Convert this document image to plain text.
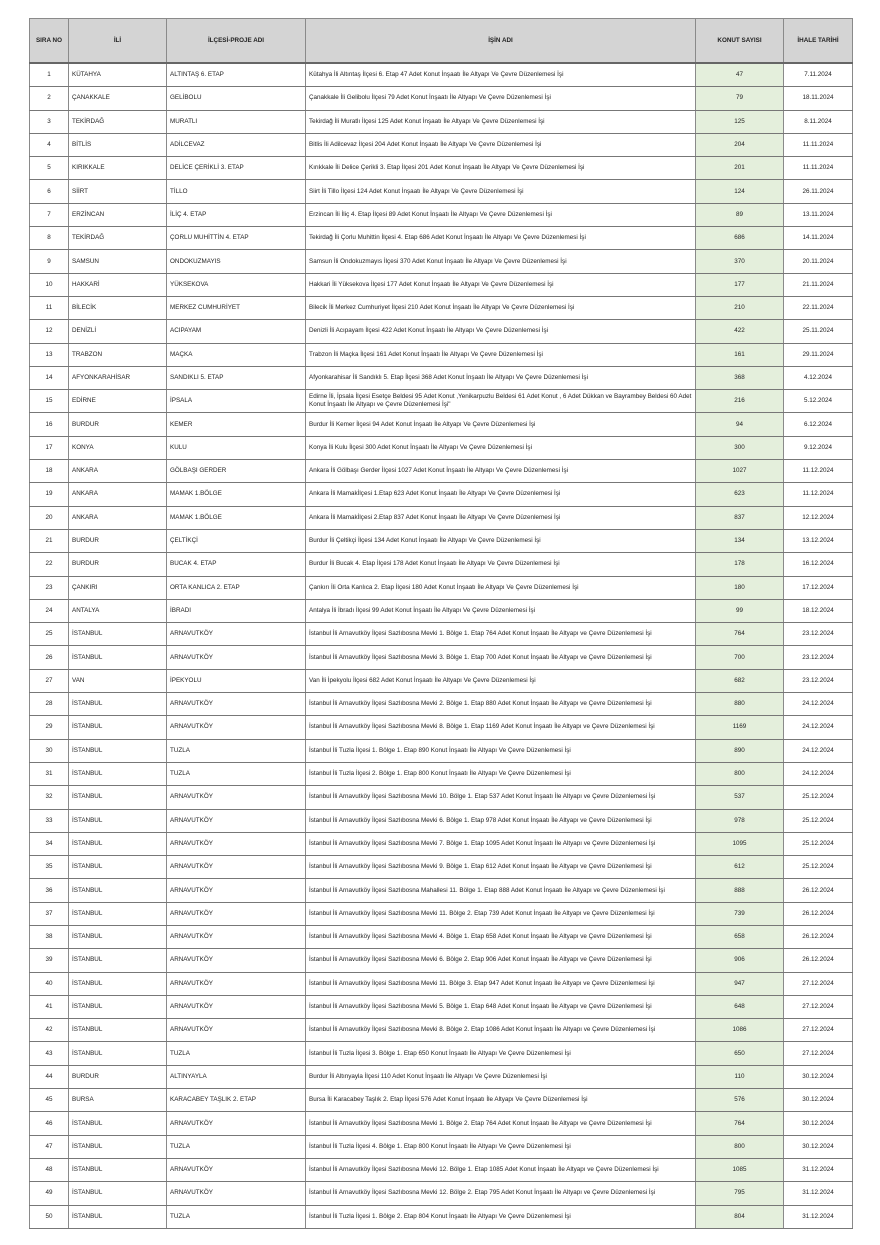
SIRA NO	İLİ	İLÇESİ-PROJE ADI	İŞİN ADI	KONUT SAYISI	İHALE TARİHİ
1	KÜTAHYA	ALTINTAŞ 6. ETAP	Kütahya İli Altıntaş İlçesi 6. Etap 47 Adet Konut İnşaatı İle Altyapı Ve Çevre Düzenlemesi İşi	47	7.11.2024
2	ÇANAKKALE	GELİBOLU	Çanakkale İli Gelibolu İlçesi 79 Adet Konut İnşaatı İle Altyapı Ve Çevre Düzenlemesi İşi	79	18.11.2024
3	TEKİRDAĞ	MURATLI	Tekirdağ İli Muratlı İlçesi 125 Adet Konut İnşaatı İle Altyapı Ve Çevre Düzenlemesi İşi	125	8.11.2024
4	BİTLİS	ADİLCEVAZ	Bitlis İli Adilcevaz İlçesi 204 Adet Konut İnşaatı İle Altyapı Ve Çevre Düzenlemesi İşi	204	11.11.2024
5	KIRIKKALE	DELİCE ÇERİKLİ 3. ETAP	Kırıkkale İli Delice Çerikli 3. Etap İlçesi 201 Adet Konut İnşaatı İle Altyapı Ve Çevre Düzenlemesi İşi	201	11.11.2024
6	SİİRT	TİLLO	Siirt İli Tillo İlçesi 124 Adet Konut İnşaatı İle Altyapı Ve Çevre Düzenlemesi İşi	124	26.11.2024
7	ERZİNCAN	İLİÇ 4. ETAP	Erzincan İli İliç 4. Etap İlçesi 89 Adet Konut İnşaatı İle Altyapı Ve Çevre Düzenlemesi İşi	89	13.11.2024
8	TEKİRDAĞ	ÇORLU MUHİTTİN 4. ETAP	Tekirdağ İli Çorlu Muhittin İlçesi 4. Etap 686 Adet Konut İnşaatı İle Altyapı Ve Çevre Düzenlemesi İşi	686	14.11.2024
9	SAMSUN	ONDOKUZMAYIS	Samsun İli Ondokuzmayıs İlçesi 370 Adet Konut İnşaatı İle Altyapı Ve Çevre Düzenlemesi İşi	370	20.11.2024
10	HAKKARİ	YÜKSEKOVA	Hakkari İli Yüksekova İlçesi 177 Adet Konut İnşaatı İle Altyapı Ve Çevre Düzenlemesi İşi	177	21.11.2024
11	BİLECİK	MERKEZ CUMHURİYET	Bilecik İli Merkez Cumhuriyet İlçesi 210 Adet Konut İnşaatı İle Altyapı Ve Çevre Düzenlemesi İşi	210	22.11.2024
12	DENİZLİ	ACIPAYAM	Denizli İli Acıpayam İlçesi 422 Adet Konut İnşaatı İle Altyapı Ve Çevre Düzenlemesi İşi	422	25.11.2024
13	TRABZON	MAÇKA	Trabzon İli Maçka İlçesi 161 Adet Konut İnşaatı İle Altyapı Ve Çevre Düzenlemesi İşi	161	29.11.2024
14	AFYONKARAHİSAR	SANDIKLI 5. ETAP	Afyonkarahisar İli Sandıklı 5. Etap İlçesi 368 Adet Konut İnşaatı İle Altyapı Ve Çevre Düzenlemesi İşi	368	4.12.2024
15	EDİRNE	İPSALA	Edirne İli, İpsala İlçesi Esetçe Beldesi 95 Adet Konut ,Yenikarpuzlu Beldesi 61 Adet Konut , 6 Adet Dükkan ve Bayrambey Beldesi 60 Adet Konut İnşaatı İle Altyapı ve Çevre Düzenlemesi İşi"	216	5.12.2024
16	BURDUR	KEMER	Burdur İli Kemer İlçesi 94 Adet Konut İnşaatı İle Altyapı Ve Çevre Düzenlemesi İşi	94	6.12.2024
17	KONYA	KULU	Konya İli Kulu İlçesi 300 Adet Konut İnşaatı İle Altyapı Ve Çevre Düzenlemesi İşi	300	9.12.2024
18	ANKARA	GÖLBAŞI GERDER	Ankara İli Gölbaşı Gerder İlçesi 1027 Adet Konut İnşaatı İle Altyapı Ve Çevre Düzenlemesi İşi	1027	11.12.2024
19	ANKARA	MAMAK 1.BÖLGE	Ankara İli Mamakİlçesi 1.Etap 623 Adet Konut İnşaatı İle Altyapı Ve Çevre Düzenlemesi İşi	623	11.12.2024
20	ANKARA	MAMAK 1.BÖLGE	Ankara İli Mamakİlçesi 2.Etap 837 Adet Konut İnşaatı İle Altyapı Ve Çevre Düzenlemesi İşi	837	12.12.2024
21	BURDUR	ÇELTİKÇİ	Burdur İli Çeltikçi İlçesi 134 Adet Konut İnşaatı İle Altyapı Ve Çevre Düzenlemesi İşi	134	13.12.2024
22	BURDUR	BUCAK 4. ETAP	Burdur İli Bucak 4. Etap İlçesi 178 Adet Konut İnşaatı İle Altyapı Ve Çevre Düzenlemesi İşi	178	16.12.2024
23	ÇANKIRI	ORTA KANLICA 2. ETAP	Çankırı İli Orta Kanlıca 2. Etap İlçesi 180 Adet Konut İnşaatı İle Altyapı Ve Çevre Düzenlemesi İşi	180	17.12.2024
24	ANTALYA	İBRADI	Antalya İli İbradı İlçesi 99 Adet Konut İnşaatı İle Altyapı Ve Çevre Düzenlemesi İşi	99	18.12.2024
25	İSTANBUL	ARNAVUTKÖY	İstanbul İli Arnavutköy İlçesi Sazlıbosna Mevki 1. Bölge 1. Etap 764 Adet Konut İnşaatı İle Altyapı ve Çevre Düzenlemesi İşi	764	23.12.2024
26	İSTANBUL	ARNAVUTKÖY	İstanbul İli Arnavutköy İlçesi Sazlıbosna Mevki 3. Bölge 1. Etap 700 Adet Konut İnşaatı İle Altyapı ve Çevre Düzenlemesi İşi	700	23.12.2024
27	VAN	İPEKYOLU	Van İli İpekyolu İlçesi 682 Adet Konut İnşaatı İle Altyapı Ve Çevre Düzenlemesi İşi	682	23.12.2024
28	İSTANBUL	ARNAVUTKÖY	İstanbul İli Arnavutköy İlçesi Sazlıbosna Mevki 2. Bölge 1. Etap 880 Adet Konut İnşaatı İle Altyapı ve Çevre Düzenlemesi İşi	880	24.12.2024
29	İSTANBUL	ARNAVUTKÖY	İstanbul İli Arnavutköy İlçesi Sazlıbosna Mevki 8. Bölge 1. Etap 1169 Adet Konut İnşaatı İle Altyapı ve Çevre Düzenlemesi İşi	1169	24.12.2024
30	İSTANBUL	TUZLA	İstanbul İli Tuzla İlçesi 1. Bölge 1. Etap 890 Konut İnşaatı İle Altyapı Ve Çevre Düzenlemesi İşi	890	24.12.2024
31	İSTANBUL	TUZLA	İstanbul İli Tuzla İlçesi 2. Bölge 1. Etap 800 Konut İnşaatı İle Altyapı Ve Çevre Düzenlemesi İşi	800	24.12.2024
32	İSTANBUL	ARNAVUTKÖY	İstanbul İli Arnavutköy İlçesi Sazlıbosna Mevki 10. Bölge 1. Etap 537 Adet Konut İnşaatı İle Altyapı ve Çevre Düzenlemesi İşi	537	25.12.2024
33	İSTANBUL	ARNAVUTKÖY	İstanbul İli Arnavutköy İlçesi Sazlıbosna Mevki 6. Bölge 1. Etap 978 Adet Konut İnşaatı İle Altyapı ve Çevre Düzenlemesi İşi	978	25.12.2024
34	İSTANBUL	ARNAVUTKÖY	İstanbul İli Arnavutköy İlçesi Sazlıbosna Mevki 7. Bölge 1. Etap 1095 Adet Konut İnşaatı İle Altyapı ve Çevre Düzenlemesi İşi	1095	25.12.2024
35	İSTANBUL	ARNAVUTKÖY	İstanbul İli Arnavutköy İlçesi Sazlıbosna Mevki 9. Bölge 1. Etap 612 Adet Konut İnşaatı İle Altyapı ve Çevre Düzenlemesi İşi	612	25.12.2024
36	İSTANBUL	ARNAVUTKÖY	İstanbul İli Arnavutköy İlçesi Sazlıbosna Mahallesi 11. Bölge 1. Etap 888 Adet Konut İnşaatı İle Altyapı ve Çevre Düzenlemesi İşi	888	26.12.2024
37	İSTANBUL	ARNAVUTKÖY	İstanbul İli Arnavutköy İlçesi Sazlıbosna Mevki 11. Bölge 2. Etap 739 Adet Konut İnşaatı İle Altyapı ve Çevre Düzenlemesi İşi	739	26.12.2024
38	İSTANBUL	ARNAVUTKÖY	İstanbul İli Arnavutköy İlçesi Sazlıbosna Mevki 4. Bölge 1. Etap 658 Adet Konut İnşaatı İle Altyapı ve Çevre Düzenlemesi İşi	658	26.12.2024
39	İSTANBUL	ARNAVUTKÖY	İstanbul İli Arnavutköy İlçesi Sazlıbosna Mevki 6. Bölge 2. Etap 906 Adet Konut İnşaatı İle Altyapı ve Çevre Düzenlemesi İşi	906	26.12.2024
40	İSTANBUL	ARNAVUTKÖY	İstanbul İli Arnavutköy İlçesi Sazlıbosna Mevki 11. Bölge 3. Etap 947 Adet Konut İnşaatı İle Altyapı ve Çevre Düzenlemesi İşi	947	27.12.2024
41	İSTANBUL	ARNAVUTKÖY	İstanbul İli Arnavutköy İlçesi Sazlıbosna Mevki 5. Bölge 1. Etap 648 Adet Konut İnşaatı İle Altyapı ve Çevre Düzenlemesi İşi	648	27.12.2024
42	İSTANBUL	ARNAVUTKÖY	İstanbul İli Arnavutköy İlçesi Sazlıbosna Mevki 8. Bölge 2. Etap 1086 Adet Konut İnşaatı İle Altyapı ve Çevre Düzenlemesi İşi	1086	27.12.2024
43	İSTANBUL	TUZLA	İstanbul İli Tuzla İlçesi 3. Bölge 1. Etap 650 Konut İnşaatı İle Altyapı Ve Çevre Düzenlemesi İşi	650	27.12.2024
44	BURDUR	ALTINYAYLA	Burdur İli Altınyayla İlçesi 110 Adet Konut İnşaatı İle Altyapı Ve Çevre Düzenlemesi İşi	110	30.12.2024
45	BURSA	KARACABEY TAŞLIK 2. ETAP	Bursa İli Karacabey Taşlık 2. Etap İlçesi 576 Adet Konut İnşaatı İle Altyapı Ve Çevre Düzenlemesi İşi	576	30.12.2024
46	İSTANBUL	ARNAVUTKÖY	İstanbul İli Arnavutköy İlçesi Sazlıbosna Mevki 1. Bölge 2. Etap 764 Adet Konut İnşaatı İle Altyapı ve Çevre Düzenlemesi İşi	764	30.12.2024
47	İSTANBUL	TUZLA	İstanbul İli Tuzla İlçesi 4. Bölge 1. Etap 800 Konut İnşaatı İle Altyapı Ve Çevre Düzenlemesi İşi	800	30.12.2024
48	İSTANBUL	ARNAVUTKÖY	İstanbul İli Arnavutköy İlçesi Sazlıbosna Mevki 12. Bölge 1. Etap 1085 Adet Konut İnşaatı İle Altyapı ve Çevre Düzenlemesi İşi	1085	31.12.2024
49	İSTANBUL	ARNAVUTKÖY	İstanbul İli Arnavutköy İlçesi Sazlıbosna Mevki 12. Bölge 2. Etap 795 Adet Konut İnşaatı İle Altyapı ve Çevre Düzenlemesi İşi	795	31.12.2024
50	İSTANBUL	TUZLA	İstanbul İli Tuzla İlçesi 1. Bölge 2. Etap 804 Konut İnşaatı İle Altyapı Ve Çevre Düzenlemesi İşi	804	31.12.2024
